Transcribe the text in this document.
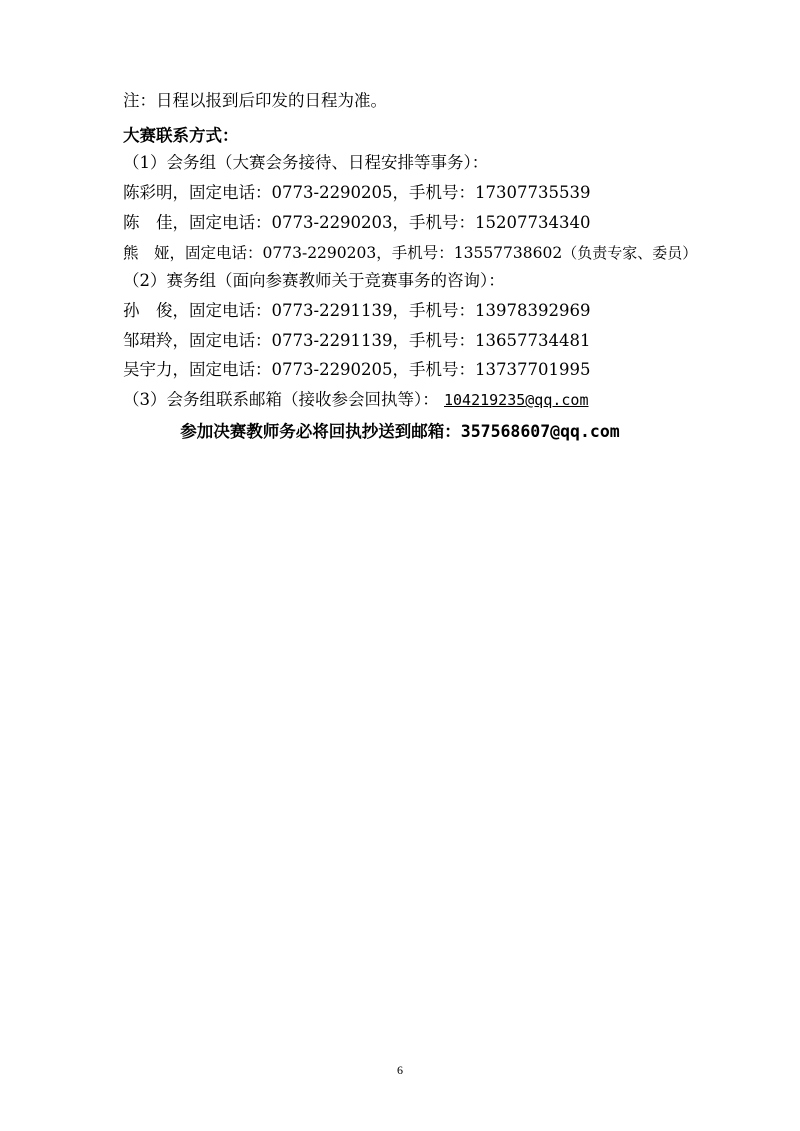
注：日程以报到后印发的日程为准。
大赛联系方式：
（1）会务组（大赛会务接待、日程安排等事务）：
陈彩明，固定电话：0773-2290205，手机号：17307735539
陈　佳，固定电话：0773-2290203，手机号：15207734340
熊　娅，固定电话：0773-2290203，手机号：13557738602（负责专家、委员）
（2）赛务组（面向参赛教师关于竞赛事务的咨询）：
孙　俊，固定电话：0773-2291139，手机号：13978392969
邹珺羚，固定电话：0773-2291139，手机号：13657734481
吴宇力，固定电话：0773-2290205，手机号：13737701995
（3）会务组联系邮箱（接收参会回执等）： 104219235@qq.com
参加决赛教师务必将回执抄送到邮箱：357568607@qq.com
6
